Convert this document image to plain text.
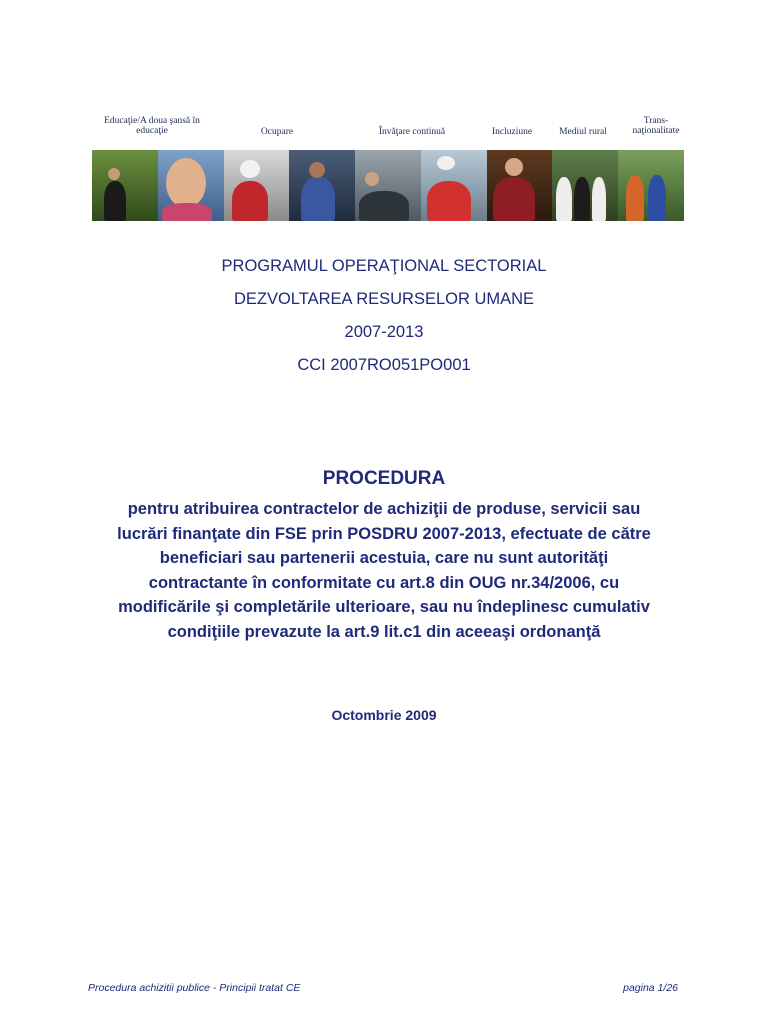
Educaţie/A doua şansă în
educaţie	Ocupare	Învăţare continuă	Incluziune	Mediul rural
Trans-
naţionalitate
PROGRAMUL OPERAŢIONAL SECTORIAL
DEZVOLTAREA RESURSELOR UMANE
2007-2013
CCI 2007RO051PO001
PROCEDURA
pentru atribuirea contractelor de achiziţii de produse, servicii sau
lucrări finanţate din FSE prin POSDRU 2007-2013, efectuate de către
beneficiari sau partenerii acestuia, care nu sunt autorităţi
contractante în conformitate cu art.8 din OUG nr.34/2006, cu
modificările şi completările ulterioare, sau nu îndeplinesc cumulativ
condiţiile prevazute la art.9 lit.c1 din aceeaşi ordonanţă
Octombrie 2009
Procedura achizitii publice - Principii tratat CE	pagina 1/26
